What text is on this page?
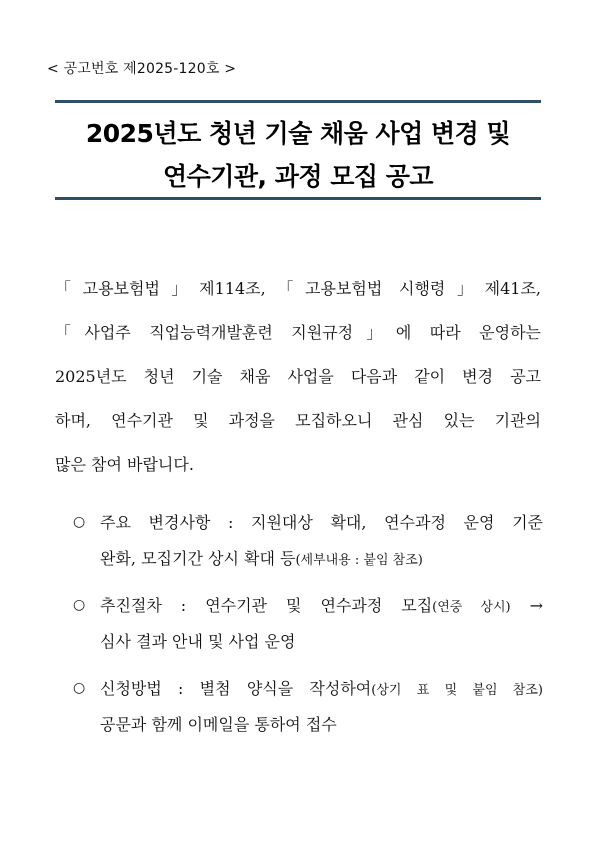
< 공고번호 제2025-120호 >
2025년도 청년 기술 채움 사업 변경 및
연수기관, 과정 모집 공고
「고용보험법」제114조,「고용보험법 시행령」제41조,
「사업주 직업능력개발훈련 지원규정」에 따라 운영하는
2025년도 청년 기술 채움 사업을 다음과 같이 변경 공고
하며, 연수기관 및 과정을 모집하오니 관심 있는 기관의
많은 참여 바랍니다.
○ 주요 변경사항 : 지원대상 확대, 연수과정 운영 기준
완화, 모집기간 상시 확대 등(세부내용 : 붙임 참조)
○ 추진절차 : 연수기관 및 연수과정 모집(연중 상시) →
심사 결과 안내 및 사업 운영
○ 신청방법 : 별첨 양식을 작성하여(상기 표 및 붙임 참조)
공문과 함께 이메일을 통하여 접수
